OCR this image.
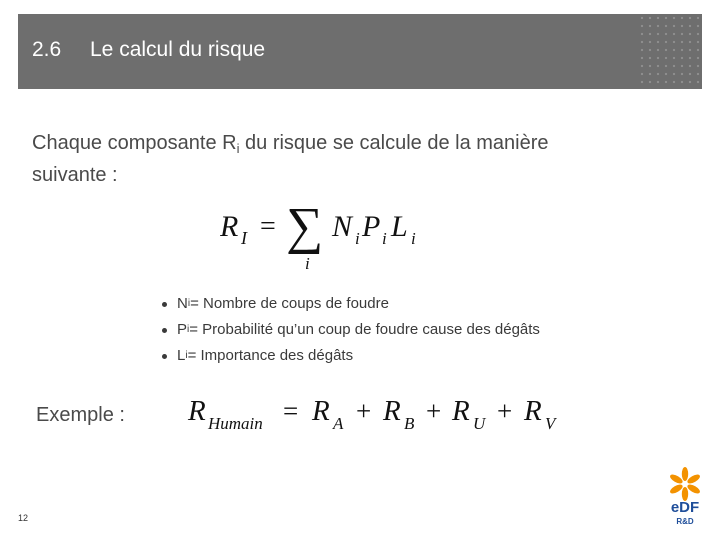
2.6 Le calcul du risque
Chaque composante $R_i$ du risque se calcule de la manière
suivante :
R I = ∑
i
N i P i L i
N i = Nombre de coups de foudre
P i = Probabilité qu’un coup de foudre cause des dégâts
L i = Importance des dégâts
Exemple : R Humain = R A + R B + R U + R V
12
eDF
R&D
